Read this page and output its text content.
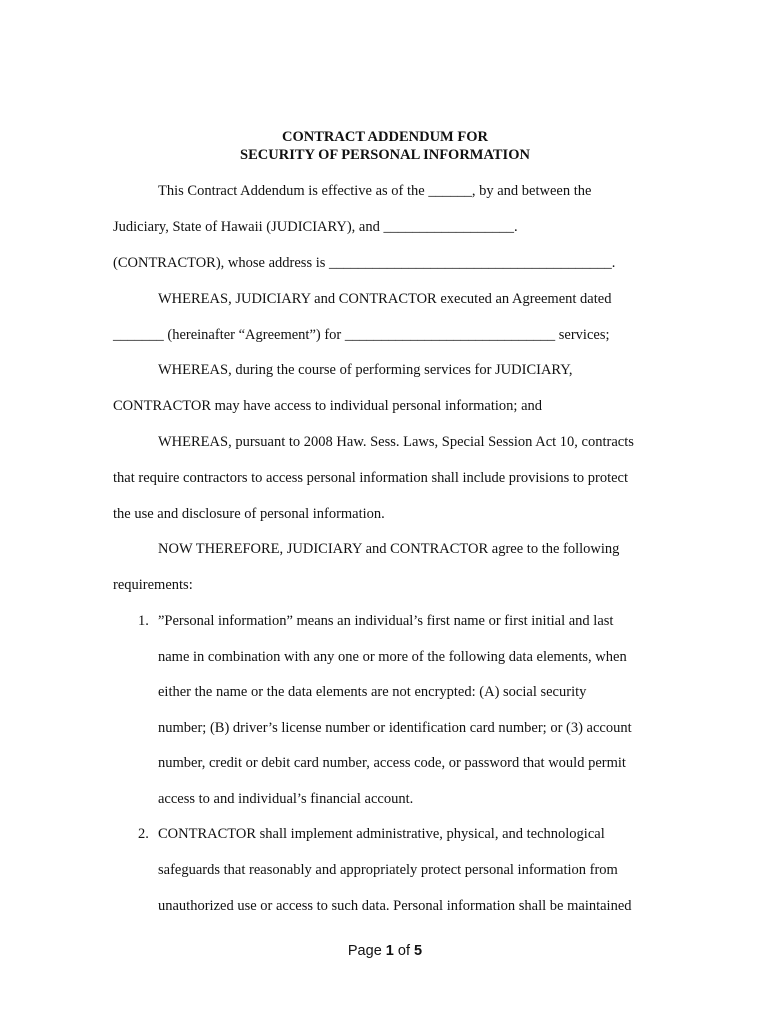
CONTRACT ADDENDUM FOR
SECURITY OF PERSONAL INFORMATION
This Contract Addendum is effective as of the ______, by and between the
Judiciary, State of Hawaii (JUDICIARY), and __________________.
(CONTRACTOR), whose address is _______________________________________.
WHEREAS, JUDICIARY and CONTRACTOR executed an Agreement dated
_______ (hereinafter “Agreement”) for _____________________________ services;
WHEREAS, during the course of performing services for JUDICIARY,
CONTRACTOR may have access to individual personal information; and
WHEREAS, pursuant to 2008 Haw. Sess. Laws, Special Session Act 10, contracts
that require contractors to access personal information shall include provisions to protect
the use and disclosure of personal information.
NOW THEREFORE, JUDICIARY and CONTRACTOR agree to the following
requirements:
1. ”Personal information” means an individual’s first name or first initial and last
name in combination with any one or more of the following data elements, when
either the name or the data elements are not encrypted: (A) social security
number; (B) driver’s license number or identification card number; or (3) account
number, credit or debit card number, access code, or password that would permit
access to and individual’s financial account.
2. CONTRACTOR shall implement administrative, physical, and technological
safeguards that reasonably and appropriately protect personal information from
unauthorized use or access to such data. Personal information shall be maintained
Page 1 of 5
